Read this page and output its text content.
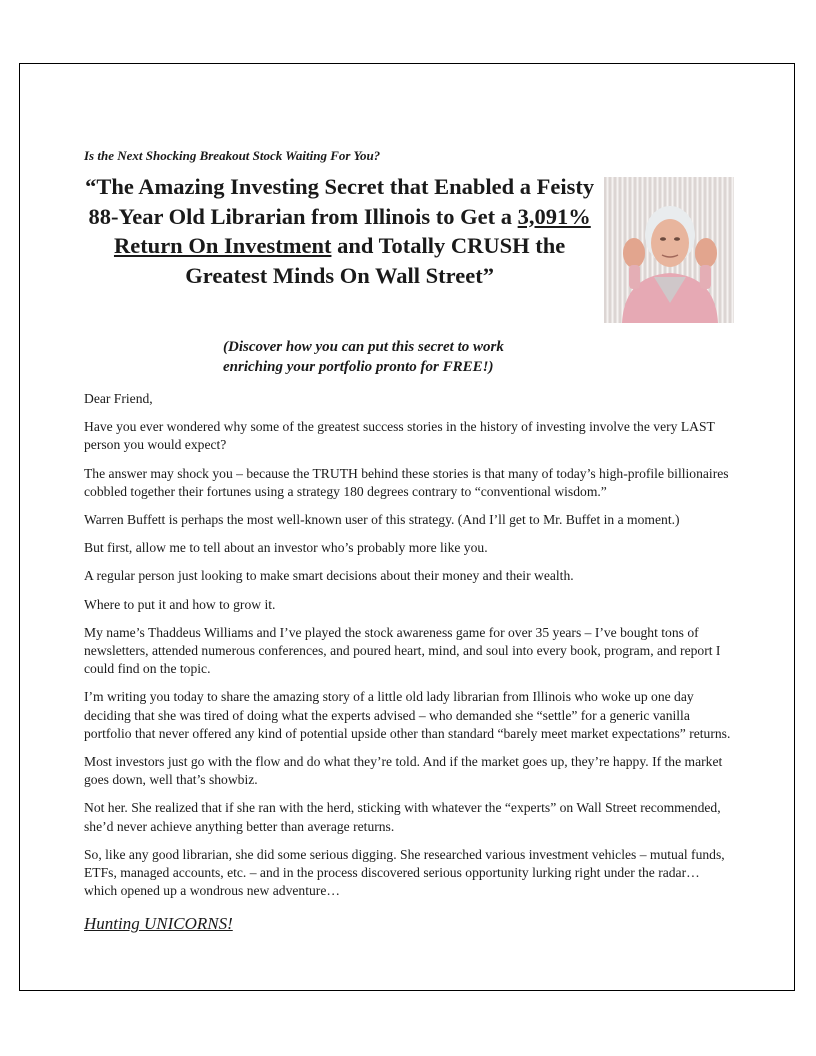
Is the Next Shocking Breakout Stock Waiting For You?
“The Amazing Investing Secret that Enabled a Feisty 88-Year Old Librarian from Illinois to Get a 3,091% Return On Investment and Totally CRUSH the Greatest Minds On Wall Street”
(Discover how you can put this secret to work
enriching your portfolio pronto for FREE!)

Dear Friend,

Have you ever wondered why some of the greatest success stories in the history of investing involve the very LAST person you would expect?

The answer may shock you – because the TRUTH behind these stories is that many of today’s high-profile billionaires cobbled together their fortunes using a strategy 180 degrees contrary to “conventional wisdom.”

Warren Buffett is perhaps the most well-known user of this strategy. (And I’ll get to Mr. Buffet in a moment.)

But first, allow me to tell about an investor who’s probably more like you.

A regular person just looking to make smart decisions about their money and their wealth.

Where to put it and how to grow it.

My name’s Thaddeus Williams and I’ve played the stock awareness game for over 35 years – I’ve bought tons of newsletters, attended numerous conferences, and poured heart, mind, and soul into every book, program, and report I could find on the topic.

I’m writing you today to share the amazing story of a little old lady librarian from Illinois who woke up one day deciding that she was tired of doing what the experts advised – who demanded she “settle” for a generic vanilla portfolio that never offered any kind of potential upside other than standard “barely meet market expectations” returns.

Most investors just go with the flow and do what they’re told. And if the market goes up, they’re happy. If the market goes down, well that’s showbiz.

Not her. She realized that if she ran with the herd, sticking with whatever the “experts” on Wall Street recommended, she’d never achieve anything better than average returns.

So, like any good librarian, she did some serious digging. She researched various investment vehicles – mutual funds, ETFs, managed accounts, etc. – and in the process discovered serious opportunity lurking right under the radar… which opened up a wondrous new adventure…

Hunting UNICORNS!
